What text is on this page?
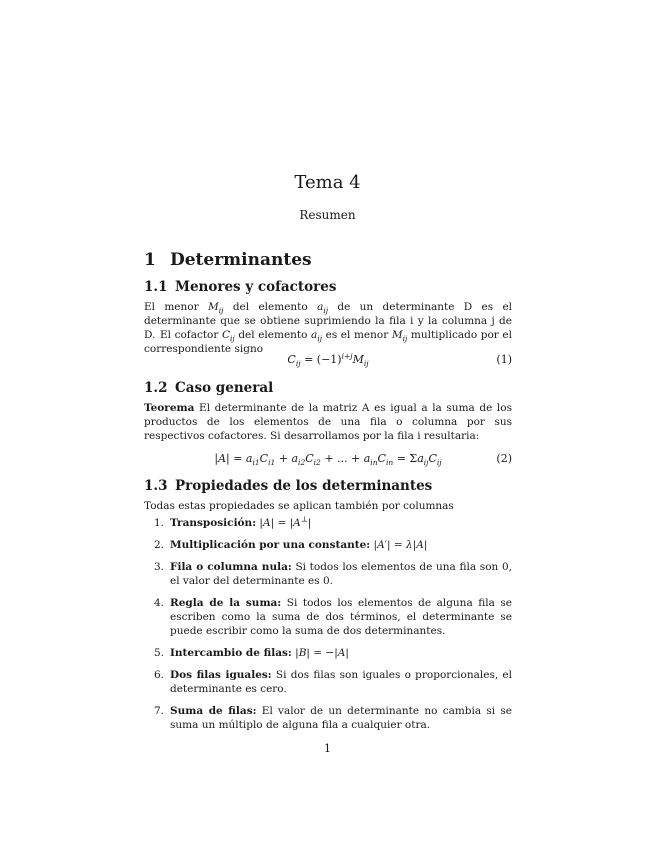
Tema 4
Resumen
1 Determinantes
1.1 Menores y cofactores

El menor $M_{ij}$ del elemento $a_{ij}$ de un determinante D es el determinante que se obtiene suprimiendo la fila i y la columna j de D. El cofactor $C_{ij}$ del elemento $a_{ij}$ es el menor $M_{ij}$ multiplicado por el correspondiente signo

$C_{ij} = (-1)^{i+j}M_{ij}$	(1)
1.2 Caso general

Teorema El determinante de la matriz A es igual a la suma de los productos de los elementos de una fila o columna por sus respectivos cofactores. Si desarrollamos por la fila i resultaria:

$|A| = a_{i1}C_{i1} + a_{i2}C_{i2}$ + ... + $a_{in}C_{in} = \Sigma a_{ij}C_{ij}$	(2)
1.3 Propiedades de los determinantes

Todas estas propiedades se aplican también por columnas

1. Transposición: |A| = |A⊥|
2. Multiplicación por una constante: |A′| = λ|A|
3. Fila o columna nula: Si todos los elementos de una fila son 0, el valor del determinante es 0.
4. Regla de la suma: Si todos los elementos de alguna fila se escriben como la suma de dos términos, el determinante se puede escribir como la suma de dos determinantes.
5. Intercambio de filas: |B| = −|A|
6. Dos filas iguales: Si dos filas son iguales o proporcionales, el determinante es cero.
7. Suma de filas: El valor de un determinante no cambia si se suma un múltiplo de alguna fila a cualquier otra.
1
